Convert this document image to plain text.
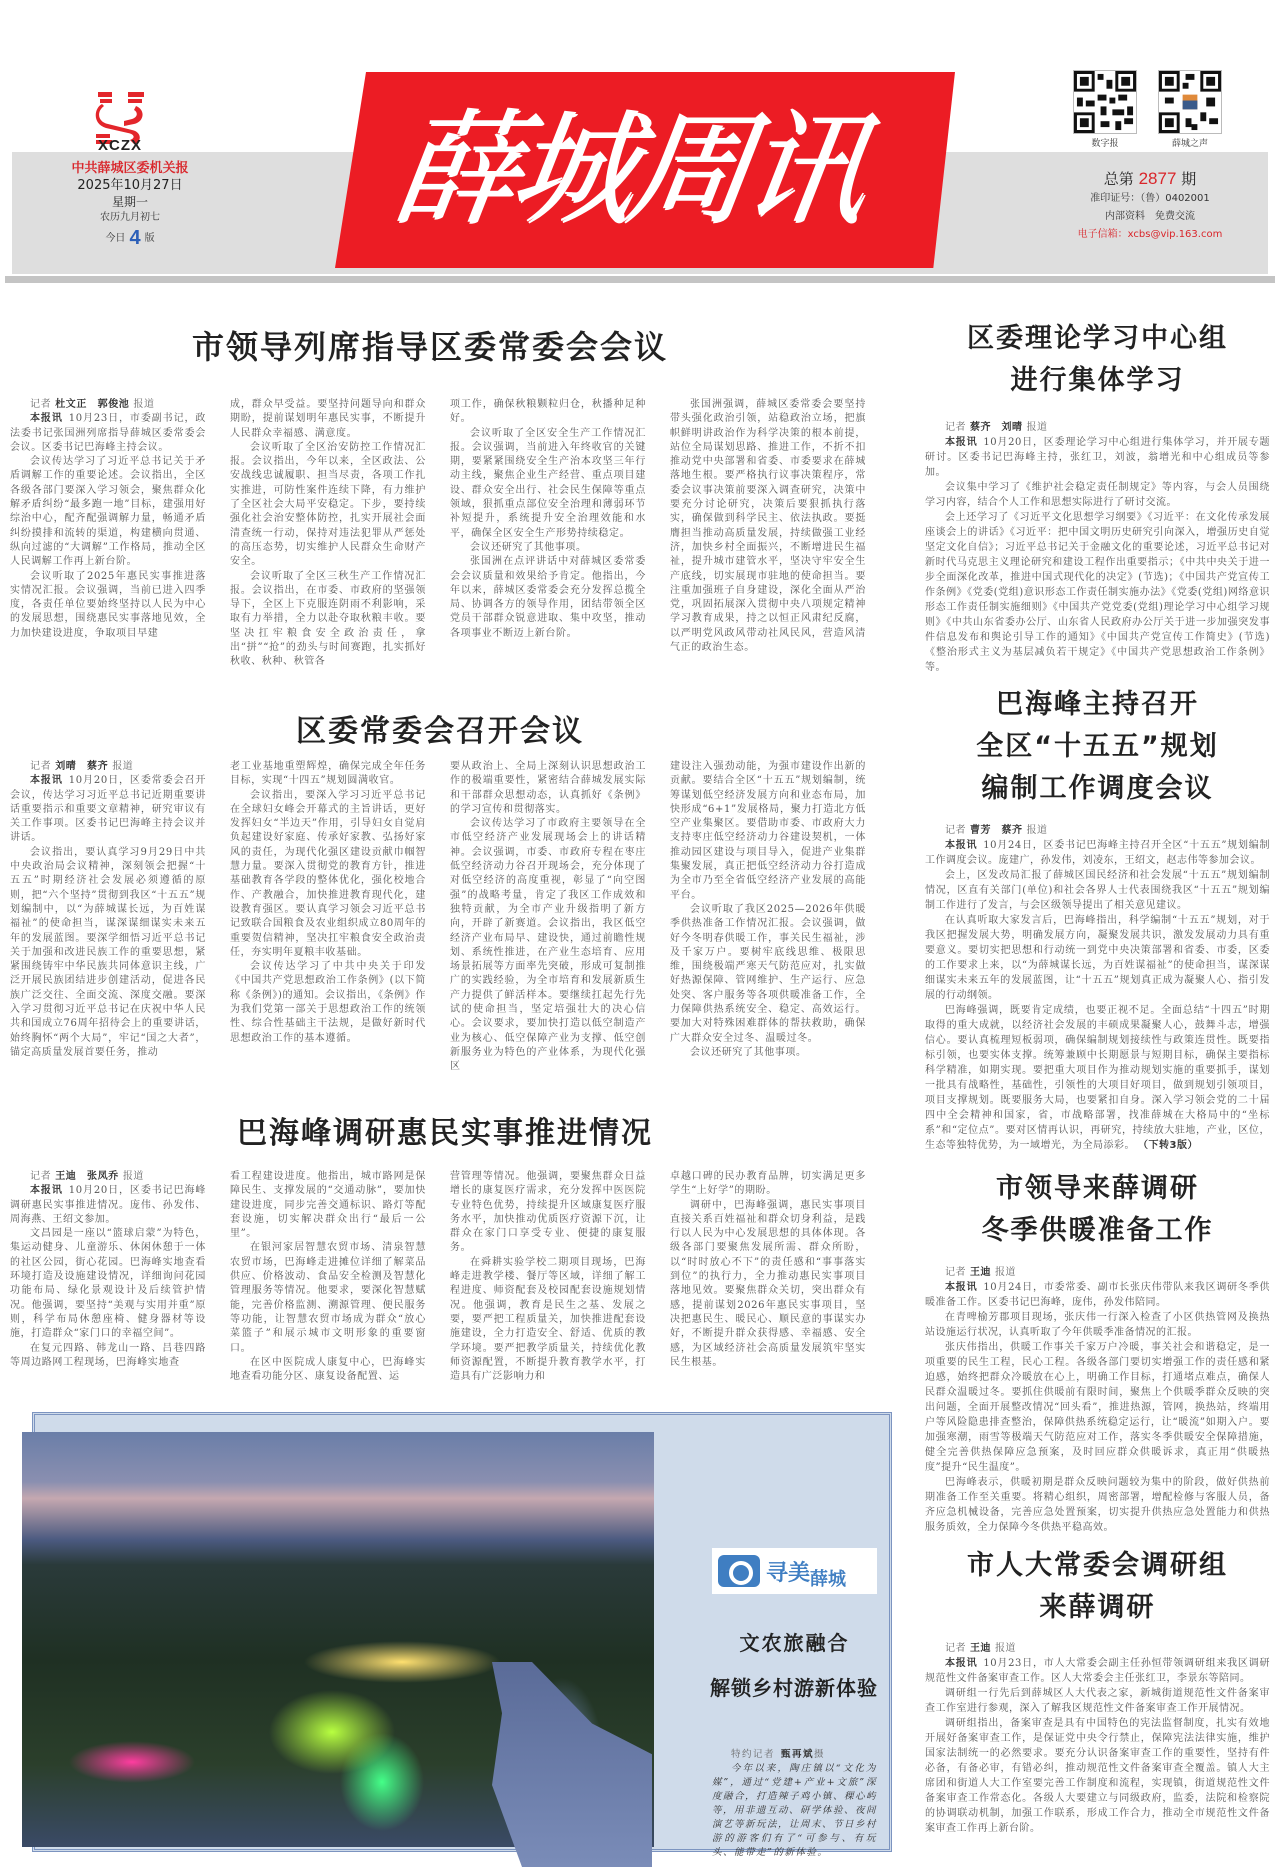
XCZX
中共薛城区委机关报
2025年10月27日
星期一
农历九月初七
今日 4 版	薛城周讯	数字报	薛城之声
总第 2877 期
准印证号：（鲁）0402001
内部资料　免费交流
电子信箱：xcbs@vip.163.com
市领导列席指导区委常委会会议
记者 杜文正　郭俊池 报道

本报讯 10月23日，市委副书记，政法委书记张国洲列席指导薛城区委常委会会议。区委书记巴海峰主持会议。

会议传达学习了习近平总书记关于矛盾调解工作的重要论述。会议指出，全区各级各部门要深入学习领会，聚焦群众化解矛盾纠纷“最多跑一地”目标，建强用好综治中心，配齐配强调解力量，畅通矛盾纠纷摸排和流转的渠道，构建横向贯通、纵向过滤的“大调解”工作格局，推动全区人民调解工作再上新台阶。

会议听取了2025年惠民实事推进落实情况汇报。会议强调，当前已进入四季度，各责任单位要始终坚持以人民为中心的发展思想，围绕惠民实事落地见效，全力加快建设进度，争取项目早建

成，群众早受益。要坚持问题导向和群众期盼，提前谋划明年惠民实事，不断提升人民群众幸福感、满意度。

会议听取了全区治安防控工作情况汇报。会议指出，今年以来，全区政法、公安战线忠诚履职、担当尽责，各项工作扎实推进，可防性案件连续下降，有力维护了全区社会大局平安稳定。下步，要持续强化社会治安整体防控，扎实开展社会面清查统一行动，保持对违法犯罪从严惩处的高压态势，切实维护人民群众生命财产安全。

会议听取了全区三秋生产工作情况汇报。会议指出，在市委、市政府的坚强领导下，全区上下克服连阴雨不利影响，采取有力举措，全力以赴夺取秋粮丰收。要坚决扛牢粮食安全政治责任，拿出“拼”“抢”的劲头与时间赛跑，扎实抓好秋收、秋种、秋管各

项工作，确保秋粮颗粒归仓，秋播种足种好。

会议听取了全区安全生产工作情况汇报。会议强调，当前进入年终收官的关键期，要紧紧围绕安全生产治本攻坚三年行动主线，聚焦企业生产经营、重点项目建设、群众安全出行、社会民生保障等重点领域，狠抓重点部位安全治理和薄弱环节补短提升，系统提升安全治理效能和水平，确保全区安全生产形势持续稳定。

会议还研究了其他事项。

张国洲在点评讲话中对薛城区委常委会会议质量和效果给予肯定。他指出，今年以来，薛城区委常委会充分发挥总揽全局、协调各方的领导作用，团结带领全区党员干部群众锐意进取、集中攻坚，推动各项事业不断迈上新台阶。

张国洲强调，薛城区委常委会要坚持带头强化政治引领，站稳政治立场，把旗帜鲜明讲政治作为科学决策的根本前提，站位全局谋划思路、推进工作，不折不扣推动党中央部署和省委、市委要求在薛城落地生根。要严格执行议事决策程序，常委会议事决策前要深入调查研究，决策中要充分讨论研究，决策后要狠抓执行落实，确保做到科学民主、依法执政。要挺膺担当推动高质量发展，持续做强工业经济，加快乡村全面振兴，不断增进民生福祉，提升城市建管水平，坚决守牢安全生产底线，切实展现市驻地的使命担当。要注重加强班子自身建设，深化全面从严治党，巩固拓展深入贯彻中央八项规定精神学习教育成果，持之以恒正风肃纪反腐，以严明党风政风带动社风民风，营造风清气正的政治生态。

区委常委会召开会议
记者 刘晴　蔡齐 报道

本报讯 10月20日，区委常委会召开会议，传达学习习近平总书记近期重要讲话重要指示和重要文章精神，研究审议有关工作事项。区委书记巴海峰主持会议并讲话。

会议指出，要认真学习9月29日中共中央政治局会议精神，深刻领会把握“十五五”时期经济社会发展必须遵循的原则，把“六个坚持”贯彻到我区“十五五”规划编制中，以“为薛城谋长远，为百姓谋福祉”的使命担当，谋深谋细谋实未来五年的发展蓝图。要深学细悟习近平总书记关于加强和改进民族工作的重要思想，紧紧围绕铸牢中华民族共同体意识主线，广泛开展民族团结进步创建活动，促进各民族广泛交往、全面交流、深度交融。要深入学习贯彻习近平总书记在庆祝中华人民共和国成立76周年招待会上的重要讲话，始终胸怀“两个大局”，牢记“国之大者”，锚定高质量发展首要任务，推动

老工业基地重塑辉煌，确保完成全年任务目标，实现“十四五”规划圆满收官。

会议指出，要深入学习习近平总书记在全球妇女峰会开幕式的主旨讲话，更好发挥妇女“半边天”作用，引导妇女自觉肩负起建设好家庭、传承好家教、弘扬好家风的责任，为现代化强区建设贡献巾帼智慧力量。要深入贯彻党的教育方针，推进基础教育各学段的整体优化，强化校地合作、产教融合，加快推进教育现代化，建设教育强区。要认真学习领会习近平总书记致联合国粮食及农业组织成立80周年的重要贺信精神，坚决扛牢粮食安全政治责任，夯实明年夏粮丰收基础。

会议传达学习了中共中央关于印发《中国共产党思想政治工作条例》(以下简称《条例》)的通知。会议指出，《条例》作为我们党第一部关于思想政治工作的统领性、综合性基础主干法规，是做好新时代思想政治工作的基本遵循。

要从政治上、全局上深刻认识思想政治工作的极端重要性，紧密结合薛城发展实际和干部群众思想动态，认真抓好《条例》的学习宣传和贯彻落实。

会议传达学习了市政府主要领导在全市低空经济产业发展现场会上的讲话精神。会议强调，市委、市政府专程在枣庄低空经济动力谷召开现场会，充分体现了对低空经济的高度重视，彰显了“向空图强”的战略考量，肯定了我区工作成效和独特贡献，为全市产业升级指明了新方向，开辟了新赛道。会议指出，我区低空经济产业布局早、建设快，通过前瞻性规划、系统性推进，在产业生态培育、应用场景拓展等方面率先突破，形成可复制推广的实践经验，为全市培育和发展新质生产力提供了鲜活样本。要继续扛起先行先试的使命担当，坚定培强壮大的决心信心。会议要求，要加快打造以低空制造产业为核心、低空保障产业为支撑、低空创新服务业为特色的产业体系，为现代化强区

建设注入强劲动能，为强市建设作出新的贡献。要结合全区“十五五”规划编制，统筹谋划低空经济发展方向和业态布局，加快形成“6+1”发展格局，聚力打造北方低空产业集聚区。要借助市委、市政府大力支持枣庄低空经济动力谷建设契机，一体推动园区建设与项目导入，促进产业集群集聚发展，真正把低空经济动力谷打造成为全市乃至全省低空经济产业发展的高能平台。

会议听取了我区2025—2026年供暖季供热准备工作情况汇报。会议强调，做好今冬明春供暖工作，事关民生福祉，涉及千家万户。要树牢底线思维、极限思维，围绕极端严寒天气防范应对，扎实做好热源保障、管网维护、生产运行、应急处突、客户服务等各项供暖准备工作，全力保障供热系统安全、稳定、高效运行。要加大对特殊困难群体的帮扶救助，确保广大群众安全过冬、温暖过冬。

会议还研究了其他事项。

巴海峰调研惠民实事推进情况
记者 王迪　张凤乔 报道

本报讯 10月20日，区委书记巴海峰调研惠民实事推进情况。庞伟、孙发伟、周海燕、王绍文参加。

文昌园是一座以“篮球启蒙”为特色，集运动健身、儿童游乐、休闲休憩于一体的社区公园，街心花园。巴海峰实地查看环境打造及设施建设情况，详细询问花园功能布局、绿化景观设计及后续管护情况。他强调，要坚持“美观与实用并重”原则，科学布局休憩座椅、健身器材等设施，打造群众“家门口的幸福空间”。

在复元四路、韩龙山一路、吕巷四路等周边路网工程现场，巴海峰实地查

看工程建设进度。他指出，城市路网是保障民生、支撑发展的“交通动脉”，要加快建设进度，同步完善交通标识、路灯等配套设施，切实解决群众出行“最后一公里”。

在银河家居智慧农贸市场、清泉智慧农贸市场，巴海峰走进摊位详细了解菜品供应、价格波动、食品安全检测及智慧化管理服务等情况。他要求，要深化智慧赋能，完善价格监测、溯源管理、便民服务等功能，让智慧农贸市场成为群众“放心菜篮子”和展示城市文明形象的重要窗口。

在区中医院成人康复中心，巴海峰实地查看功能分区、康复设备配置、运

营管理等情况。他强调，要聚焦群众日益增长的康复医疗需求，充分发挥中医医院专业特色优势，持续提升区域康复医疗服务水平，加快推动优质医疗资源下沉，让群众在家门口享受专业、便捷的康复服务。

在舜耕实验学校二期项目现场，巴海峰走进教学楼、餐厅等区域，详细了解工程进度、师资配套及校园配套设施规划情况。他强调，教育是民生之基、发展之要，要严把工程质量关，加快推进配套设施建设，全力打造安全、舒适、优质的教学环境。要严把教学质量关，持续优化教师资源配置，不断提升教育教学水平，打造具有广泛影响力和

卓越口碑的民办教育品牌，切实满足更多学生“上好学”的期盼。

调研中，巴海峰强调，惠民实事项目直接关系百姓福祉和群众切身利益，是践行以人民为中心发展思想的具体体现。各级各部门要聚焦发展所需、群众所盼，以“时时放心不下”的责任感和“事事落实到位”的执行力，全力推动惠民实事项目落地见效。要聚焦群众关切，突出群众有感，提前谋划2026年惠民实事项目，坚决把惠民生、暖民心、顺民意的事谋实办好，不断提升群众获得感、幸福感、安全感，为区域经济社会高质量发展筑牢坚实民生根基。

区委理论学习中心组
进行集体学习
记者 蔡齐　刘晴 报道

本报讯 10月20日，区委理论学习中心组进行集体学习，并开展专题研讨。区委书记巴海峰主持，张红卫，刘波，翁增光和中心组成员等参加。

会议集中学习了《维护社会稳定责任制规定》等内容，与会人员围绕学习内容，结合个人工作和思想实际进行了研讨交流。

会上还学习了《习近平文化思想学习纲要》《习近平：在文化传承发展座谈会上的讲话》《习近平：把中国文明历史研究引向深入，增强历史自觉坚定文化自信》；习近平总书记关于金融文化的重要论述，习近平总书记对新时代马克思主义理论研究和建设工程作出重要指示；《中共中央关于进一步全面深化改革，推进中国式现代化的决定》(节选)；《中国共产党宣传工作条例》《党委(党组)意识形态工作责任制实施办法》《党委(党组)网络意识形态工作责任制实施细则》《中国共产党党委(党组)理论学习中心组学习规则》《中共山东省委办公厅、山东省人民政府办公厅关于进一步加强突发事件信息发布和舆论引导工作的通知》《中国共产党宣传工作简史》(节选)《整治形式主义为基层减负若干规定》《中国共产党思想政治工作条例》等。

巴海峰主持召开
全区“十五五”规划
编制工作调度会议
记者 曹芳　蔡齐 报道

本报讯 10月24日，区委书记巴海峰主持召开全区“十五五”规划编制工作调度会议。庞建广，孙发伟，刘凌东，王绍文，赵志伟等参加会议。

会上，区发改局汇报了薛城区国民经济和社会发展“十五五”规划编制情况，区直有关部门(单位)和社会各界人士代表围绕我区“十五五”规划编制工作进行了发言，与会区级领导提出了相关意见建议。

在认真听取大家发言后，巴海峰指出，科学编制“十五五”规划，对于我区把握发展大势，明确发展方向，凝聚发展共识，激发发展动力具有重要意义。要切实把思想和行动统一到党中央决策部署和省委、市委，区委的工作要求上来，以“为薛城谋长远，为百姓谋福祉”的使命担当，谋深谋细谋实未来五年的发展蓝图，让“十五五”规划真正成为凝聚人心、指引发展的行动纲领。

巴海峰强调，既要肯定成绩，也要正视不足。全面总结“十四五”时期取得的重大成就，以经济社会发展的丰硕成果凝聚人心，鼓舞斗志，增强信心。要认真梳理短板弱项，确保编制规划接续性与政策连贯性。既要指标引领，也要实体支撑。统筹兼顾中长期愿景与短期目标，确保主要指标科学精准，如期实现。要把重大项目作为推动规划实施的重要抓手，谋划一批具有战略性，基础性，引领性的大项目好项目，做到规划引领项目，项目支撑规划。既要服务大局，也要紧扣自身。深入学习领会党的二十届四中全会精神和国家，省，市战略部署，找准薛城在大格局中的“坐标系”和“定位点”。要对区情再认识，再研究，持续放大驻地，产业，区位，生态等独特优势，为一域增光，为全局添彩。 （下转3版）

市领导来薛调研
冬季供暖准备工作
记者 王迪 报道

本报讯 10月24日，市委常委、副市长张庆伟带队来我区调研冬季供暖准备工作。区委书记巴海峰，庞伟，孙发伟陪同。

在青啤榆芳郡项目现场，张庆伟一行深入检查了小区供热管网及换热站设施运行状况，认真听取了今年供暖季准备情况的汇报。

张庆伟指出，供暖工作事关千家万户冷暖，事关社会和谐稳定，是一项重要的民生工程，民心工程。各级各部门要切实增强工作的责任感和紧迫感，始终把群众冷暖放在心上，明确工作目标，打通堵点难点，确保人民群众温暖过冬。要抓住供暖前有限时间，聚焦上个供暖季群众反映的突出问题，全面开展整改情况“回头看”，推进热源，管网，换热站，终端用户等风险隐患排查整治，保障供热系统稳定运行，让“暖流”如期入户。要加强寒潮，雨雪等极端天气防范应对工作，落实冬季供暖安全保障措施，健全完善供热保障应急预案，及时回应群众供暖诉求，真正用“供暖热度”提升“民生温度”。

巴海峰表示，供暖初期是群众反映问题较为集中的阶段，做好供热前期准备工作至关重要。将精心组织，周密部署，增配检修与客服人员，备齐应急机械设备，完善应急处置预案，切实提升供热应急处置能力和供热服务质效，全力保障今冬供热平稳高效。

市人大常委会调研组
来薛调研
记者 王迪 报道

本报讯 10月23日，市人大常委会副主任孙恒带领调研组来我区调研规范性文件备案审查工作。区人大常委会主任张红卫，李景东等陪同。

调研组一行先后到薛城区人大代表之家，新城街道规范性文件备案审查工作室进行参观，深入了解我区规范性文件备案审查工作开展情况。

调研组指出，备案审查是具有中国特色的宪法监督制度，扎实有效地开展好备案审查工作，是保证党中央令行禁止，保障宪法法律实施，维护国家法制统一的必然要求。要充分认识备案审查工作的重要性，坚持有件必备，有备必审，有错必纠，推动规范性文件备案审查全覆盖。镇人大主席团和街道人大工作室要完善工作制度和流程，实现镇，街道规范性文件备案审查工作常态化。各级人大要建立与同级政府，监委，法院和检察院的协调联动机制，加强工作联系，形成工作合力，推动全市规范性文件备案审查工作再上新台阶。

寻美 薛城
文农旅融合
解锁乡村游新体验
特约记者 甄再斌摄

今年以来，陶庄镇以“文化为媒”，通过“党建+产业+文旅”深度融合，打造辣子鸡小镇、稞心屿等，用非遗互动、研学体验、夜间演艺等新玩法，让周末、节日乡村游的游客们有了“可参与、有玩头、能带走”的新体验。
